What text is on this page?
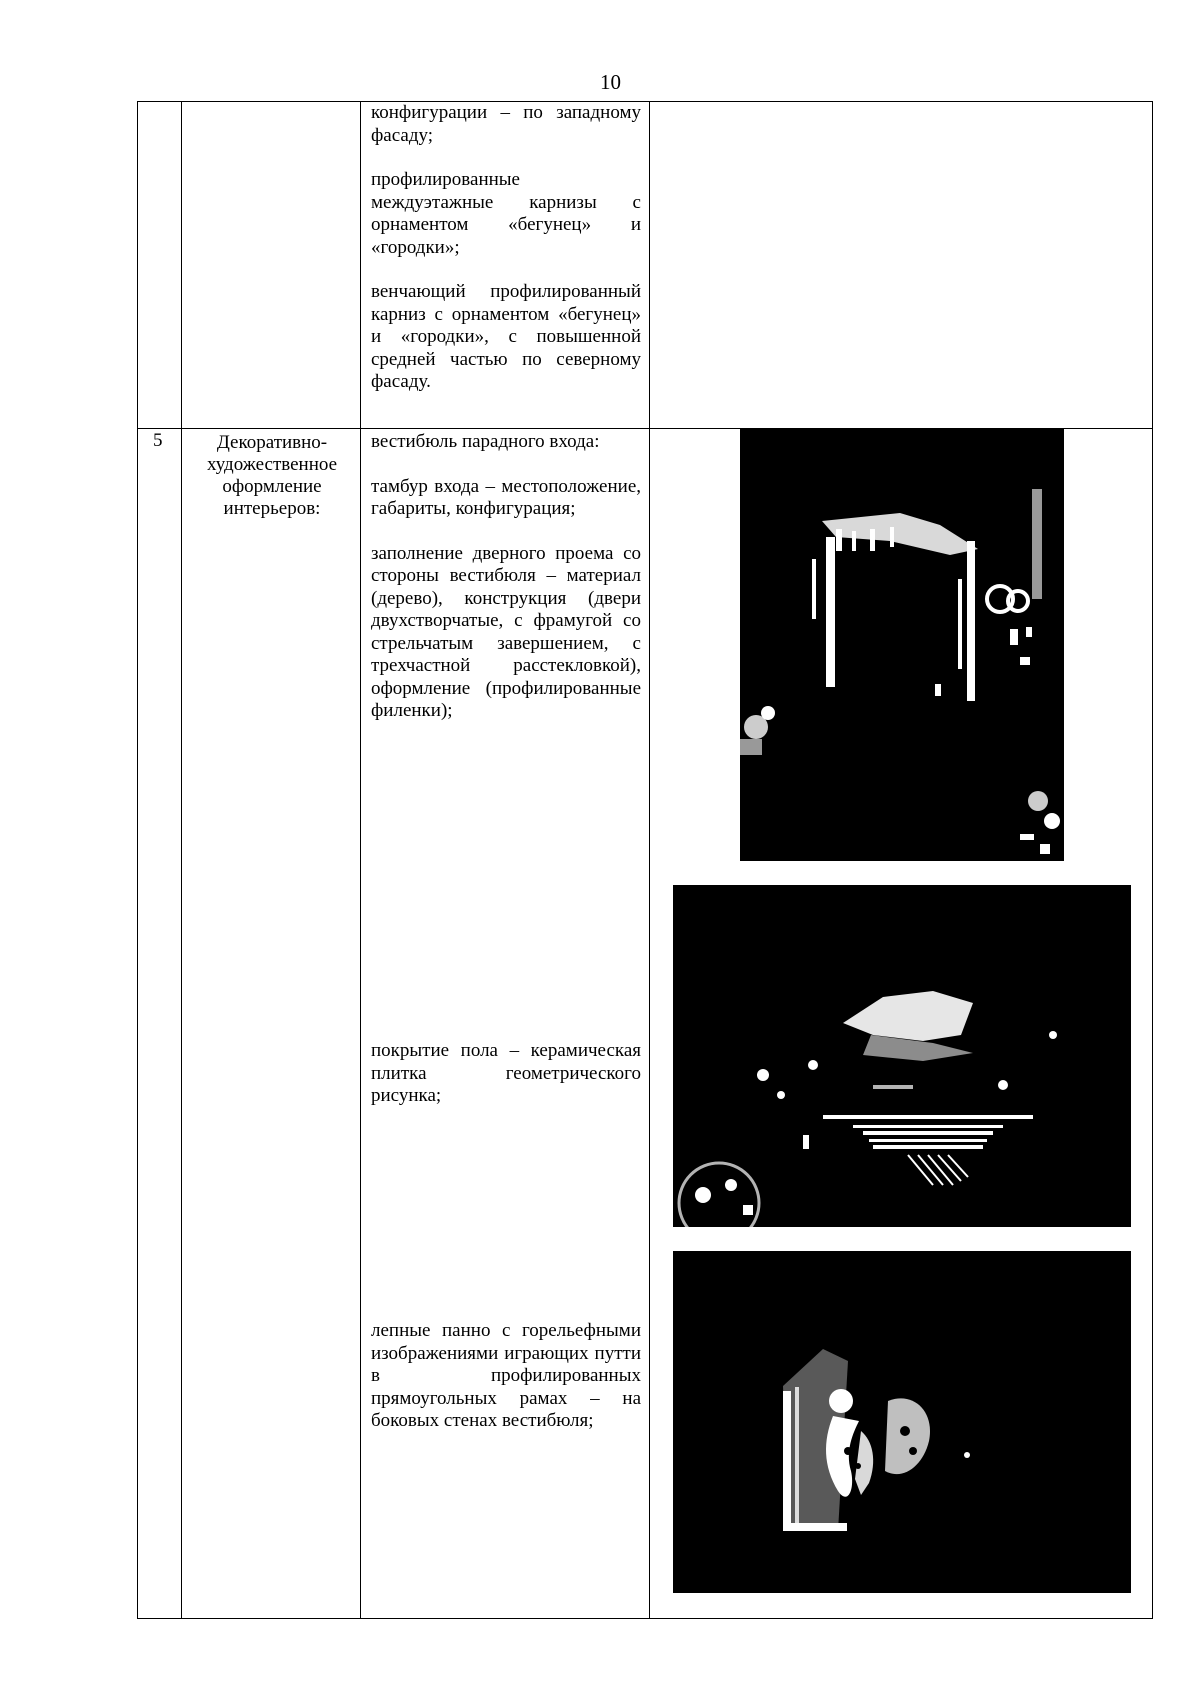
10

конфигурации – по западному фасаду;

профилированные междуэтажные карнизы с орнаментом «бегунец» и «городки»;

венчающий профилированный карниз с орнаментом «бегунец» и «городки», с повышенной средней частью по северному фасаду.

5	Декоративно-художественное оформление интерьеров:

вестибюль парадного входа:

тамбур входа – местоположение, габариты, конфигурация;

заполнение дверного проема со стороны вестибюля – материал (дерево), конструкция (двери двухстворчатые, с фрамугой со стрельчатым завершением, с трехчастной расстекловкой), оформление (профилированные филенки);

покрытие пола – керамическая плитка геометрического рисунка;

лепные панно с горельефными изображениями играющих путти в профилированных прямоугольных рамах – на боковых стенах вестибюля;
